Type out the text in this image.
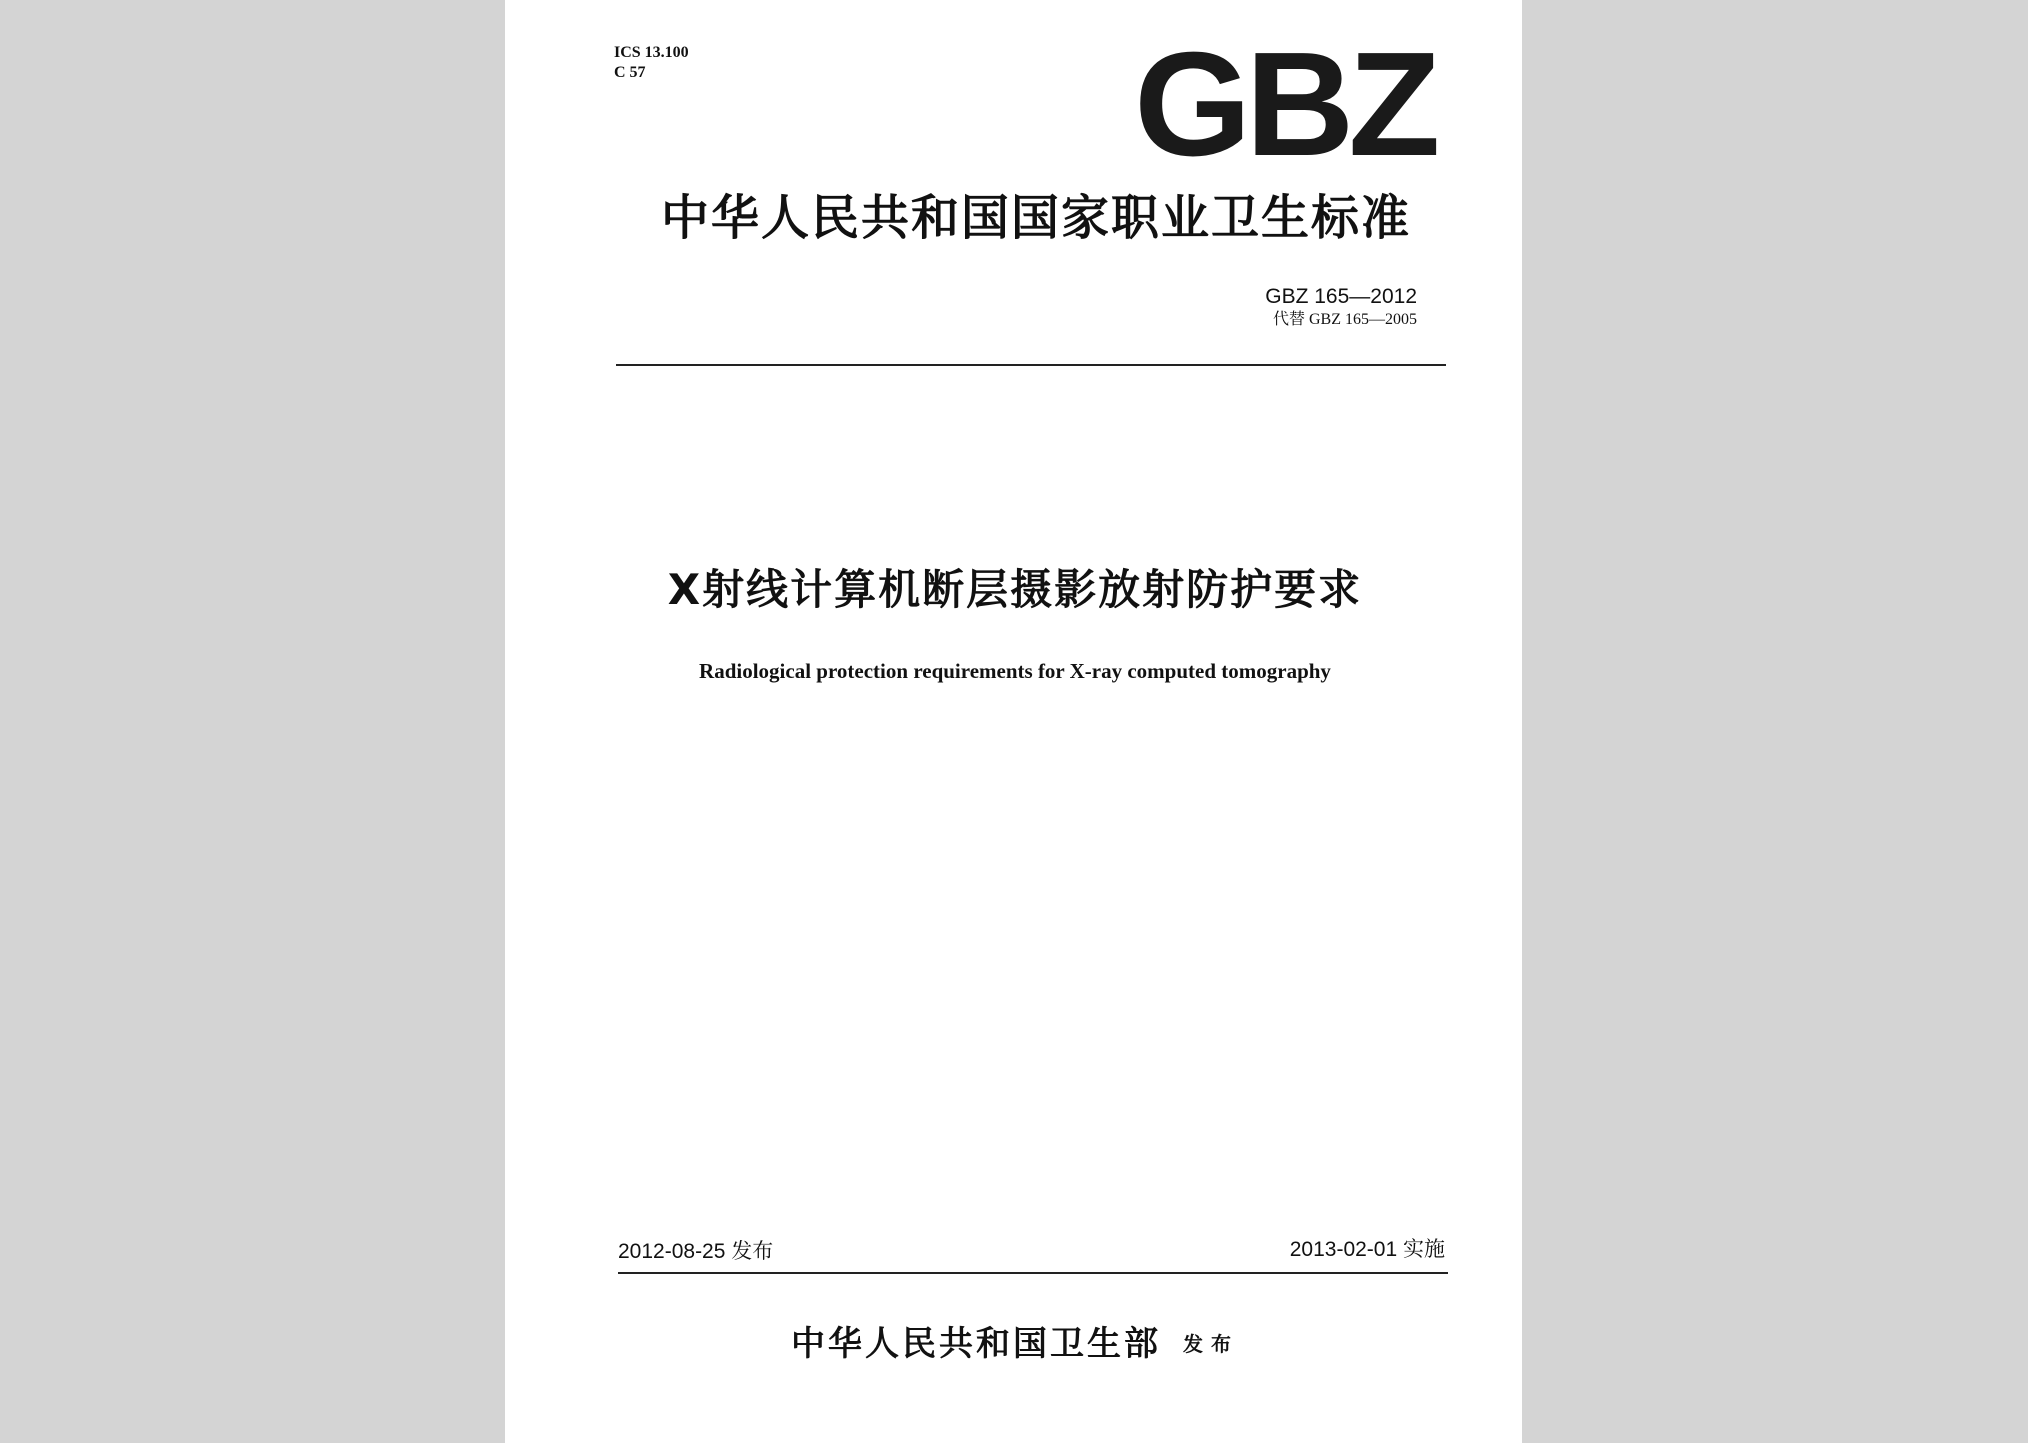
ICS 13.100
C 57	GBZ
中华人民共和国国家职业卫生标准
GBZ 165—2012
代替 GBZ 165—2005
X射线计算机断层摄影放射防护要求
Radiological protection requirements for X-ray computed tomography
2012-08-25 发布	2013-02-01 实施
中华人民共和国卫生部 发布
